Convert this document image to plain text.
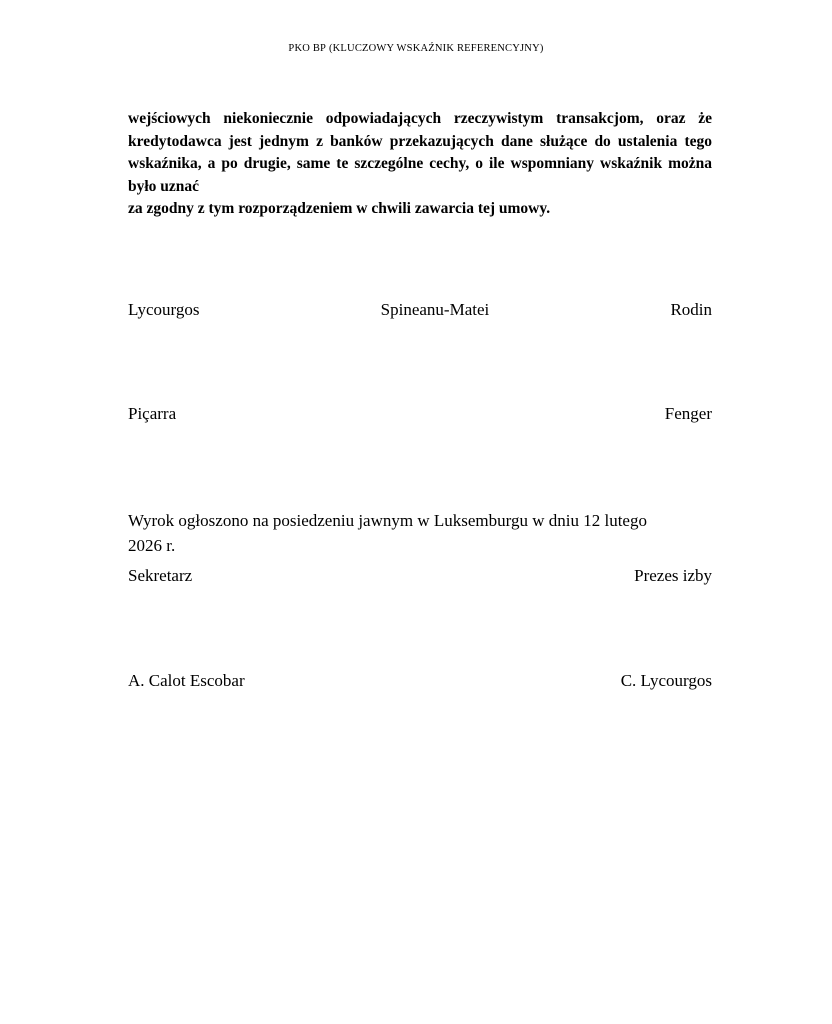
PKO BP (KLUCZOWY WSKAŹNIK REFERENCYJNY)

wejściowych niekoniecznie odpowiadających rzeczywistym transakcjom, oraz że kredytodawca jest jednym z banków przekazujących dane służące do ustalenia tego wskaźnika, a po drugie, same te szczególne cechy, o ile wspomniany wskaźnik można było uznać
za zgodny z tym rozporządzeniem w chwili zawarcia tej umowy.

Lycourgos	Spineanu-Matei	Rodin
Piçarra	Fenger
Wyrok ogłoszono na posiedzeniu jawnym w Luksemburgu w dniu 12 lutego
2026 r.
Sekretarz	Prezes izby
A. Calot Escobar	C. Lycourgos
